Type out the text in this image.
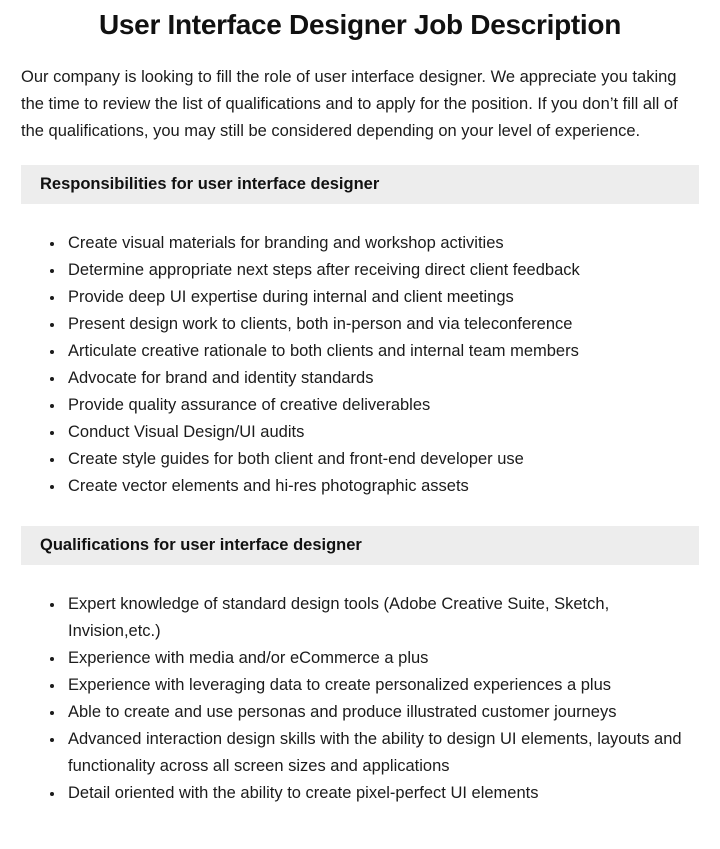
User Interface Designer Job Description

Our company is looking to fill the role of user interface designer. We appreciate you taking the time to review the list of qualifications and to apply for the position. If you don’t fill all of the qualifications, you may still be considered depending on your level of experience.

Responsibilities for user interface designer
• Create visual materials for branding and workshop activities
• Determine appropriate next steps after receiving direct client feedback
• Provide deep UI expertise during internal and client meetings
• Present design work to clients, both in-person and via teleconference
• Articulate creative rationale to both clients and internal team members
• Advocate for brand and identity standards
• Provide quality assurance of creative deliverables
• Conduct Visual Design/UI audits
• Create style guides for both client and front-end developer use
• Create vector elements and hi-res photographic assets
Qualifications for user interface designer
• Expert knowledge of standard design tools (Adobe Creative Suite, Sketch, Invision,etc.)
• Experience with media and/or eCommerce a plus
• Experience with leveraging data to create personalized experiences a plus
• Able to create and use personas and produce illustrated customer journeys
• Advanced interaction design skills with the ability to design UI elements, layouts and functionality across all screen sizes and applications
• Detail oriented with the ability to create pixel-perfect UI elements
